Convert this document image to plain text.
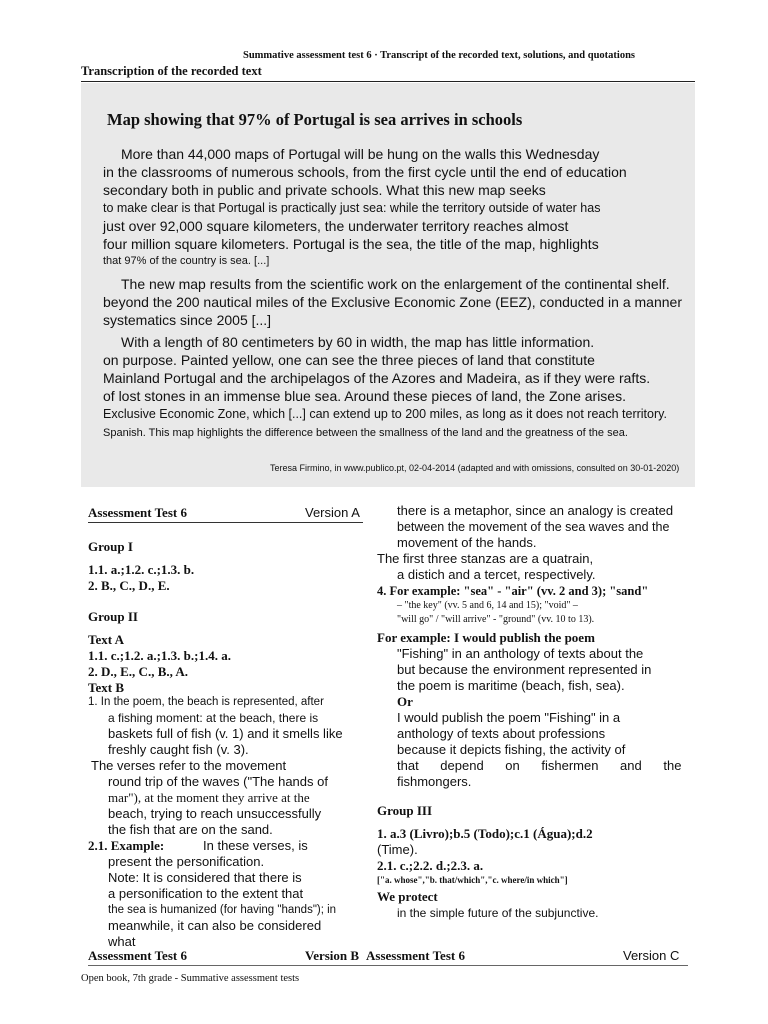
Summative assessment test 6 · Transcript of the recorded text, solutions, and quotations
Transcription of the recorded text
Map showing that 97% of Portugal is sea arrives in schools
More than 44,000 maps of Portugal will be hung on the walls this Wednesday
in the classrooms of numerous schools, from the first cycle until the end of education
secondary both in public and private schools. What this new map seeks
to make clear is that Portugal is practically just sea: while the territory outside of water has
just over 92,000 square kilometers, the underwater territory reaches almost
four million square kilometers. Portugal is the sea, the title of the map, highlights
that 97% of the country is sea. [...]
The new map results from the scientific work on the enlargement of the continental shelf.
beyond the 200 nautical miles of the Exclusive Economic Zone (EEZ), conducted in a manner
systematics since 2005 [...]
With a length of 80 centimeters by 60 in width, the map has little information.
on purpose. Painted yellow, one can see the three pieces of land that constitute
Mainland Portugal and the archipelagos of the Azores and Madeira, as if they were rafts.
of lost stones in an immense blue sea. Around these pieces of land, the Zone arises.
Exclusive Economic Zone, which [...] can extend up to 200 miles, as long as it does not reach territory.
Spanish. This map highlights the difference between the smallness of the land and the greatness of the sea.
Teresa Firmino, in www.publico.pt, 02-04-2014 (adapted and with omissions, consulted on 30-01-2020)
Assessment Test 6	Version A
Group I
1.1. a.;1.2. c.;1.3. b.
2. B., C., D., E.
Group II
Text A
1.1. c.;1.2. a.;1.3. b.;1.4. a.
2. D., E., C., B., A.
Text B
1. In the poem, the beach is represented, after
a fishing moment: at the beach, there is
baskets full of fish (v. 1) and it smells like
freshly caught fish (v. 3).
The verses refer to the movement
round trip of the waves ("The hands of
mar"), at the moment they arrive at the
beach, trying to reach unsuccessfully
the fish that are on the sand.
2.1. Example:	In these verses, is
present the personification.
Note: It is considered that there is
a personification to the extent that
the sea is humanized (for having "hands"); in
meanwhile, it can also be considered
what
there is a metaphor, since an analogy is created
between the movement of the sea waves and the
movement of the hands.
The first three stanzas are a quatrain,
a distich and a tercet, respectively.
4. For example: "sea" - "air" (vv. 2 and 3); "sand"
– "the key" (vv. 5 and 6, 14 and 15); "void" –
"will go" / "will arrive" - "ground" (vv. 10 to 13).
For example: I would publish the poem
"Fishing" in an anthology of texts about the
but because the environment represented in
the poem is maritime (beach, fish, sea).
Or
I would publish the poem "Fishing" in a
anthology of texts about professions
because it depicts fishing, the activity of
that depend on fishermen and the
fishmongers.
Group III
1. a.3 (Livro);b.5 (Todo);c.1 (Água);d.2
(Time).
2.1. c.;2.2. d.;2.3. a.
["a. whose","b. that/which","c. where/in which"]
We protect
in the simple future of the subjunctive.
Assessment Test 6	Version B Assessment Test 6	Version C
Open book, 7th grade - Summative assessment tests
